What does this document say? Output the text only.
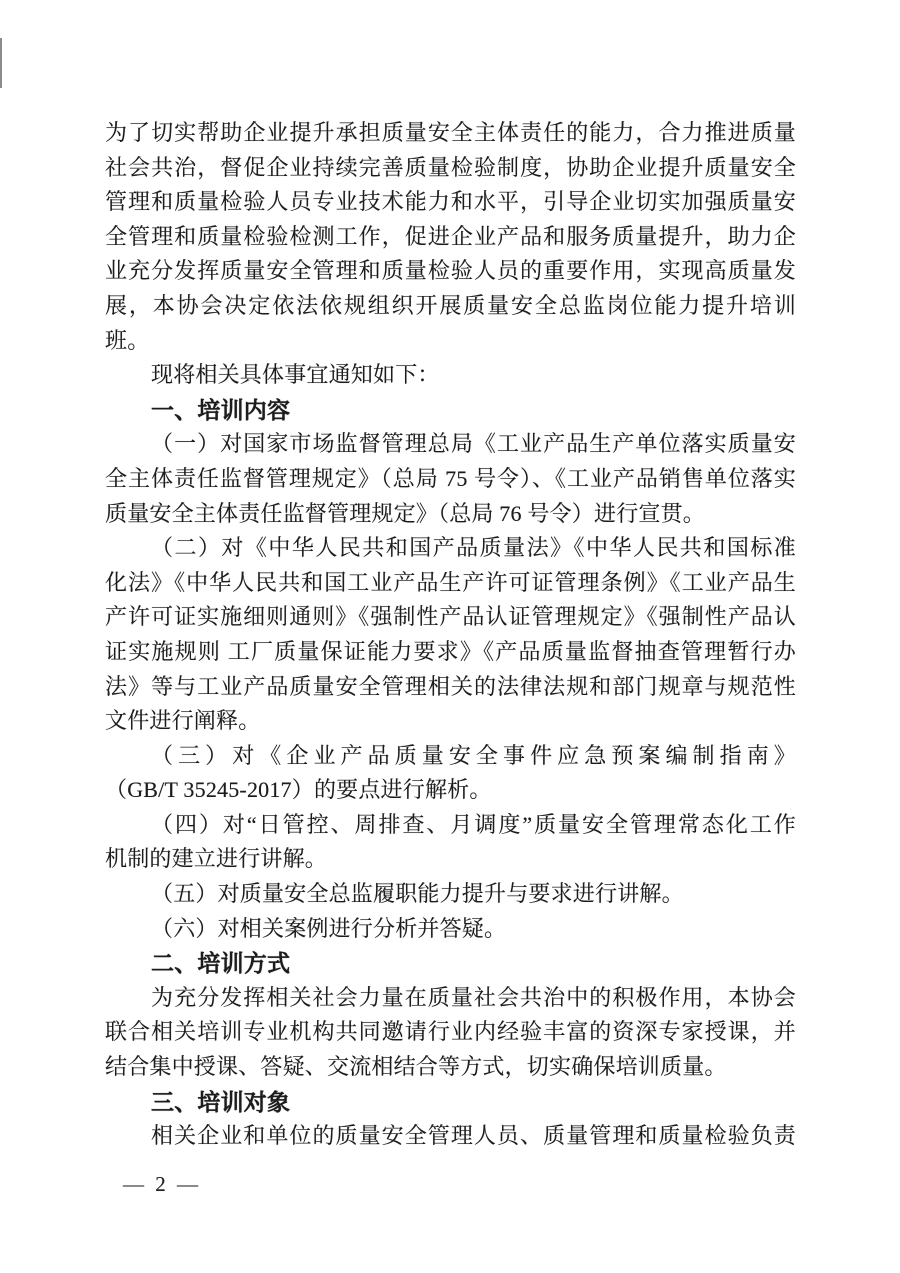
为了切实帮助企业提升承担质量安全主体责任的能力，合力推进质量
社会共治，督促企业持续完善质量检验制度，协助企业提升质量安全
管理和质量检验人员专业技术能力和水平，引导企业切实加强质量安
全管理和质量检验检测工作，促进企业产品和服务质量提升，助力企
业充分发挥质量安全管理和质量检验人员的重要作用，实现高质量发
展，本协会决定依法依规组织开展质量安全总监岗位能力提升培训
班。
现将相关具体事宜通知如下：
一、培训内容
（一）对国家市场监督管理总局《工业产品生产单位落实质量安
全主体责任监督管理规定》（总局 75 号令）、《工业产品销售单位落实
质量安全主体责任监督管理规定》（总局 76 号令）进行宣贯。
（二）对《中华人民共和国产品质量法》《中华人民共和国标准
化法》《中华人民共和国工业产品生产许可证管理条例》《工业产品生
产许可证实施细则通则》《强制性产品认证管理规定》《强制性产品认
证实施规则 工厂质量保证能力要求》《产品质量监督抽查管理暂行办
法》等与工业产品质量安全管理相关的法律法规和部门规章与规范性
文件进行阐释。
（三）对《企业产品质量安全事件应急预案编制指南》
（GB/T 35245-2017）的要点进行解析。
（四）对“日管控、周排查、月调度”质量安全管理常态化工作
机制的建立进行讲解。
（五）对质量安全总监履职能力提升与要求进行讲解。
（六）对相关案例进行分析并答疑。
二、培训方式
为充分发挥相关社会力量在质量社会共治中的积极作用，本协会
联合相关培训专业机构共同邀请行业内经验丰富的资深专家授课，并
结合集中授课、答疑、交流相结合等方式，切实确保培训质量。
三、培训对象
相关企业和单位的质量安全管理人员、质量管理和质量检验负责
— 2 —
